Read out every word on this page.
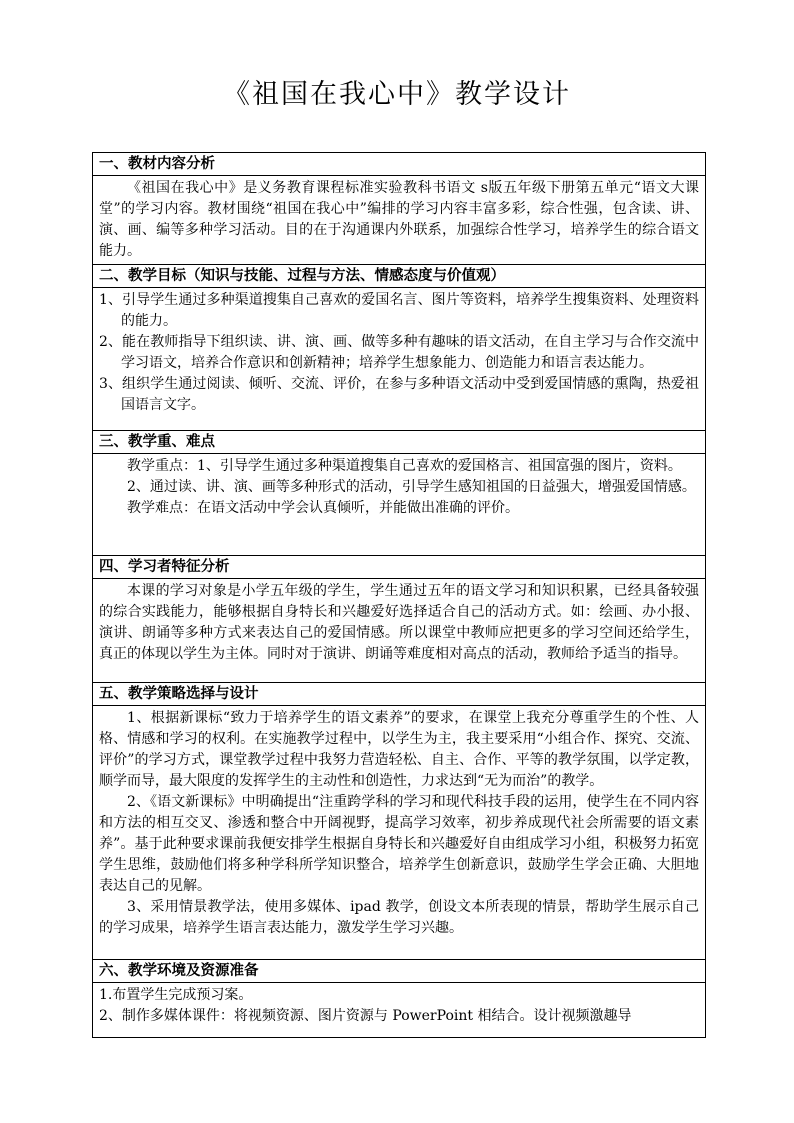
《祖国在我心中》教学设计
一、教材内容分析

《祖国在我心中》是义务教育课程标准实验教科书语文 s版五年级下册第五单元“语文大课堂”的学习内容。教材围绕“祖国在我心中”编排的学习内容丰富多彩，综合性强，包含读、讲、演、画、编等多种学习活动。目的在于沟通课内外联系，加强综合性学习，培养学生的综合语文能力。

二、教学目标（知识与技能、过程与方法、情感态度与价值观）

1、引导学生通过多种渠道搜集自己喜欢的爱国名言、图片等资料，培养学生搜集资料、处理资料的能力。

2、能在教师指导下组织读、讲、演、画、做等多种有趣味的语文活动，在自主学习与合作交流中学习语文，培养合作意识和创新精神；培养学生想象能力、创造能力和语言表达能力。

3、组织学生通过阅读、倾听、交流、评价，在参与多种语文活动中受到爱国情感的熏陶，热爱祖国语言文字。

三、教学重、难点

教学重点：1、引导学生通过多种渠道搜集自己喜欢的爱国格言、祖国富强的图片，资料。

2、通过读、讲、演、画等多种形式的活动，引导学生感知祖国的日益强大，增强爱国情感。

教学难点：在语文活动中学会认真倾听，并能做出准确的评价。

四、学习者特征分析

本课的学习对象是小学五年级的学生，学生通过五年的语文学习和知识积累，已经具备较强的综合实践能力，能够根据自身特长和兴趣爱好选择适合自己的活动方式。如：绘画、办小报、演讲、朗诵等多种方式来表达自己的爱国情感。所以课堂中教师应把更多的学习空间还给学生，真正的体现以学生为主体。同时对于演讲、朗诵等难度相对高点的活动，教师给予适当的指导。

五、教学策略选择与设计

1、根据新课标“致力于培养学生的语文素养”的要求，在课堂上我充分尊重学生的个性、人格、情感和学习的权利。在实施教学过程中，以学生为主，我主要采用“小组合作、探究、交流、评价”的学习方式，课堂教学过程中我努力营造轻松、自主、合作、平等的教学氛围，以学定教，顺学而导，最大限度的发挥学生的主动性和创造性，力求达到“无为而治”的教学。

2、《语文新课标》中明确提出“注重跨学科的学习和现代科技手段的运用，使学生在不同内容和方法的相互交叉、渗透和整合中开阔视野，提高学习效率，初步养成现代社会所需要的语文素养”。基于此种要求课前我便安排学生根据自身特长和兴趣爱好自由组成学习小组，积极努力拓宽学生思维，鼓励他们将多种学科所学知识整合，培养学生创新意识，鼓励学生学会正确、大胆地表达自己的见解。

3、采用情景教学法，使用多媒体、ipad 教学，创设文本所表现的情景，帮助学生展示自己的学习成果，培养学生语言表达能力，激发学生学习兴趣。

六、教学环境及资源准备

1.布置学生完成预习案。

2、制作多媒体课件：将视频资源、图片资源与 PowerPoint 相结合。设计视频激趣导
